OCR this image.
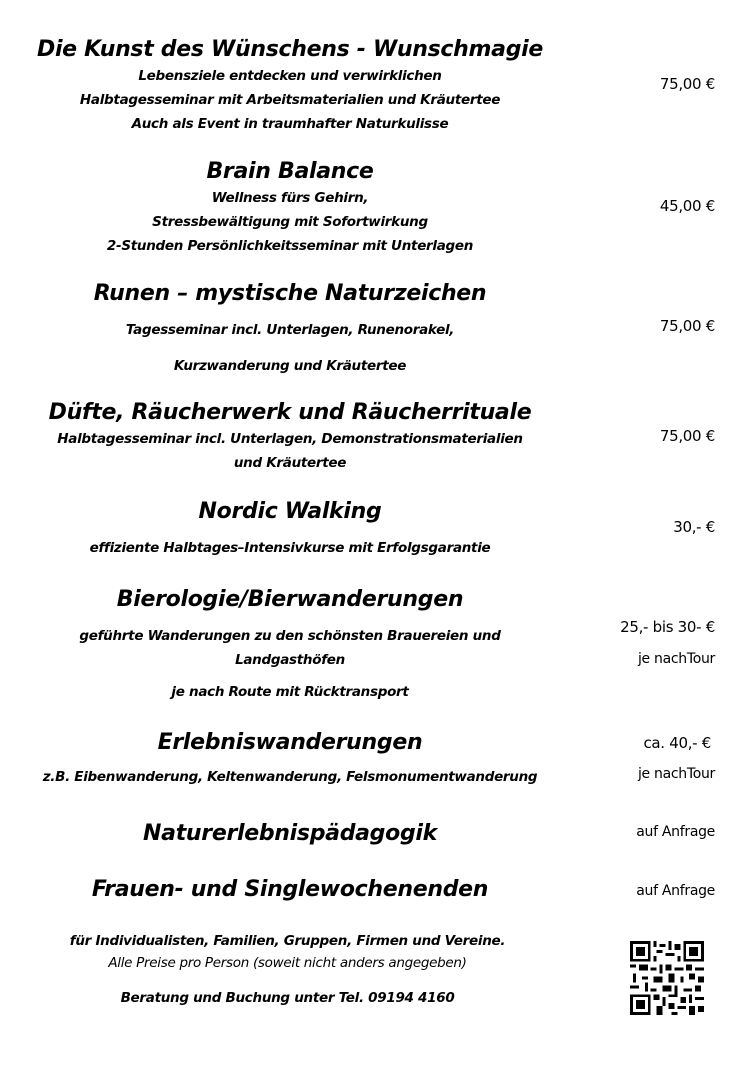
Die Kunst des Wünschens - Wunschmagie
Lebensziele entdecken und verwirklichen
Halbtagesseminar mit Arbeitsmaterialien und Kräutertee
Auch als Event in traumhafter Naturkulisse
75,00 €
Brain Balance
Wellness fürs Gehirn,
Stressbewältigung mit Sofortwirkung
2-Stunden Persönlichkeitsseminar mit Unterlagen
45,00 €
Runen – mystische Naturzeichen
Tagesseminar incl. Unterlagen, Runenorakel,
Kurzwanderung und Kräutertee
75,00 €
Düfte, Räucherwerk und Räucherrituale
Halbtagesseminar incl. Unterlagen, Demonstrationsmaterialien
und Kräutertee
75,00 €
Nordic Walking
effiziente Halbtages–Intensivkurse mit Erfolgsgarantie
30,- €
Bierologie/Bierwanderungen
geführte Wanderungen zu den schönsten Brauereien und
Landgasthöfen
je nach Route mit Rücktransport
25,- bis 30- €
je nachTour
Erlebniswanderungen
z.B. Eibenwanderung, Keltenwanderung, Felsmonumentwanderung
ca. 40,- €
je nachTour
Naturerlebnispädagogik	auf Anfrage
Frauen- und Singlewochenenden	auf Anfrage
für Individualisten, Familien, Gruppen, Firmen und Vereine.
Alle Preise pro Person (soweit nicht anders angegeben)
Beratung und Buchung unter Tel. 09194 4160
